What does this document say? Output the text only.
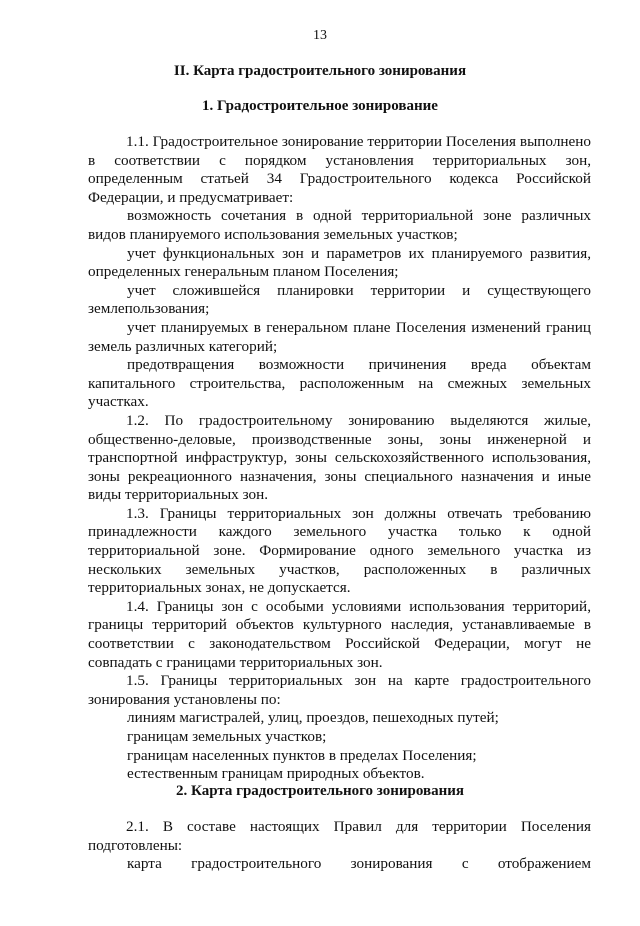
13
II. Карта градостроительного зонирования
1. Градостроительное зонирование

1.1. Градостроительное зонирование территории Поселения выполнено в соответствии с порядком установления территориальных зон, определенным статьей 34 Градостроительного кодекса Российской Федерации, и предусматривает:

возможность сочетания в одной территориальной зоне различных видов планируемого использования земельных участков;

учет функциональных зон и параметров их планируемого развития, определенных генеральным планом Поселения;

учет сложившейся планировки территории и существующего землепользования;

учет планируемых в генеральном плане Поселения изменений границ земель различных категорий;

предотвращения возможности причинения вреда объектам капитального строительства, расположенным на смежных земельных участках.

1.2. По градостроительному зонированию выделяются жилые, общественно-деловые, производственные зоны, зоны инженерной и транспортной инфраструктур, зоны сельскохозяйственного использования, зоны рекреационного назначения, зоны специального назначения и иные виды территориальных зон.

1.3. Границы территориальных зон должны отвечать требованию принадлежности каждого земельного участка только к одной территориальной зоне. Формирование одного земельного участка из нескольких земельных участков, расположенных в различных территориальных зонах, не допускается.

1.4. Границы зон с особыми условиями использования территорий, границы территорий объектов культурного наследия, устанавливаемые в соответствии с законодательством Российской Федерации, могут не совпадать с границами территориальных зон.

1.5. Границы территориальных зон на карте градостроительного зонирования установлены по:

линиям магистралей, улиц, проездов, пешеходных путей;

границам земельных участков;

границам населенных пунктов в пределах Поселения;

естественным границам природных объектов.

2. Карта градостроительного зонирования

2.1. В составе настоящих Правил для территории Поселения подготовлены:

карта градостроительного зонирования с отображением
